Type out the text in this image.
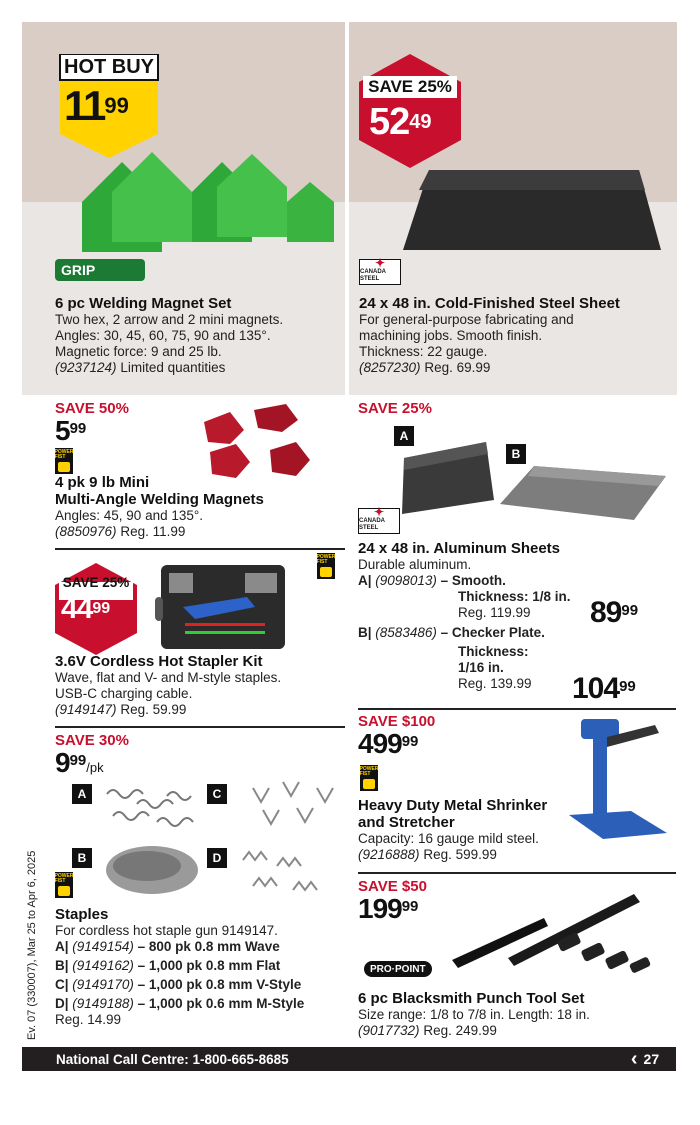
HOT BUY
$11^{99}$
GRIP
6 pc Welding Magnet Set
Two hex, 2 arrow and 2 mini magnets.
Angles: 30, 45, 60, 75, 90 and 135°.
Magnetic force: 9 and 25 lb.
(9237124) Limited quantities
SAVE 25%
$52^{49}$
✦
CANADA STEEL
24 x 48 in. Cold-Finished Steel Sheet
For general-purpose fabricating and
machining jobs. Smooth finish.
Thickness: 22 gauge.
(8257230) Reg. 69.99
SAVE 50%
$5^{99}$
POWER FIST
4 pk 9 lb Mini
Multi-Angle Welding Magnets
Angles: 45, 90 and 135°.
(8850976) Reg. 11.99
SAVE 25%
$44^{99}$
POWER FIST
3.6V Cordless Hot Stapler Kit
Wave, flat and V- and M-style staples.
USB-C charging cable.
(9149147) Reg. 59.99
SAVE 30%
$9^{99}/pk$
A	C
B	D
POWER FIST
Staples
For cordless hot staple gun 9149147.
A| (9149154) – 800 pk 0.8 mm Wave
B| (9149162) – 1,000 pk 0.8 mm Flat
C| (9149170) – 1,000 pk 0.8 mm V-Style
D| (9149188) – 1,000 pk 0.6 mm M-Style
Reg. 14.99
SAVE 25%
A
B
✦
CANADA STEEL
24 x 48 in. Aluminum Sheets
Durable aluminum.
A| (9098013) – Smooth.
Thickness: 1/8 in.
Reg. 119.99
B| (8583486) – Checker Plate.
Thickness:
1/16 in.
Reg. 139.99
$89^{99}$
$104^{99}$
SAVE $100
$499^{99}$
POWER FIST
Heavy Duty Metal Shrinker
and Stretcher
Capacity: 16 gauge mild steel.
(9216888) Reg. 599.99
SAVE $50
$199^{99}$
PRO·POINT
6 pc Blacksmith Punch Tool Set
Size range: 1/8 to 7/8 in. Length: 18 in.
(9017732) Reg. 249.99
Ev. 07 (330007), Mar 25 to Apr 6, 2025
National Call Centre: 1-800-665-8685	‹ 27
